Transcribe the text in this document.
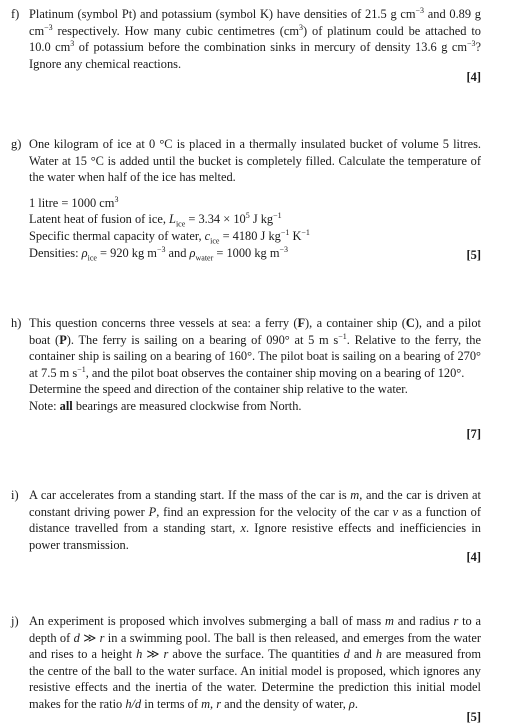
f) Platinum (symbol Pt) and potassium (symbol K) have densities of 21.5 g $cm^{-3}$ and 0.89 g $cm^{-3}$ respectively. How many cubic centimetres $(cm^3)$ of platinum could be attached to 10.0 $cm^3$ of potassium before the combination sinks in mercury of density 13.6 g $cm^{-3}$? Ignore any chemical reactions.

[4]
g) One kilogram of ice at 0 °C is placed in a thermally insulated bucket of volume 5 litres. Water at 15 °C is added until the bucket is completely filled. Calculate the temperature of the water when half of the ice has melted.

1 litre = 1000 $cm^3$

Latent heat of fusion of ice, $L_{ice} = 3.34 \times 10^5$ J $kg^{-1}$

Specific thermal capacity of water, $c_{ice} = 4180$ J $kg^{-1}$ $K^{-1}$

Densities: $\rho_{ice} = 920$ kg $m^{-3}$ and $\rho_{water} = 1000$ kg $m^{-3}$	[5]
h) This question concerns three vessels at sea: a ferry (F), a container ship (C), and a pilot boat (P). The ferry is sailing on a bearing of 090° at 5 m $s^{-1}$. Relative to the ferry, the container ship is sailing on a bearing of 160°. The pilot boat is sailing on a bearing of 270° at 7.5 m $s^{-1}$, and the pilot boat observes the container ship moving on a bearing of 120°.

Determine the speed and direction of the container ship relative to the water.

Note: all bearings are measured clockwise from North.

[7]
i) A car accelerates from a standing start. If the mass of the car is m, and the car is driven at constant driving power P, find an expression for the velocity of the car v as a function of distance travelled from a standing start, x. Ignore resistive effects and inefficiencies in power transmission.

[4]
j) An experiment is proposed which involves submerging a ball of mass m and radius r to a depth of d ≫ r in a swimming pool. The ball is then released, and emerges from the water and rises to a height h ≫ r above the surface. The quantities d and h are measured from the centre of the ball to the water surface. An initial model is proposed, which ignores any resistive effects and the inertia of the water. Determine the prediction this initial model makes for the ratio h/d in terms of m, r and the density of water, ρ.

[5]
